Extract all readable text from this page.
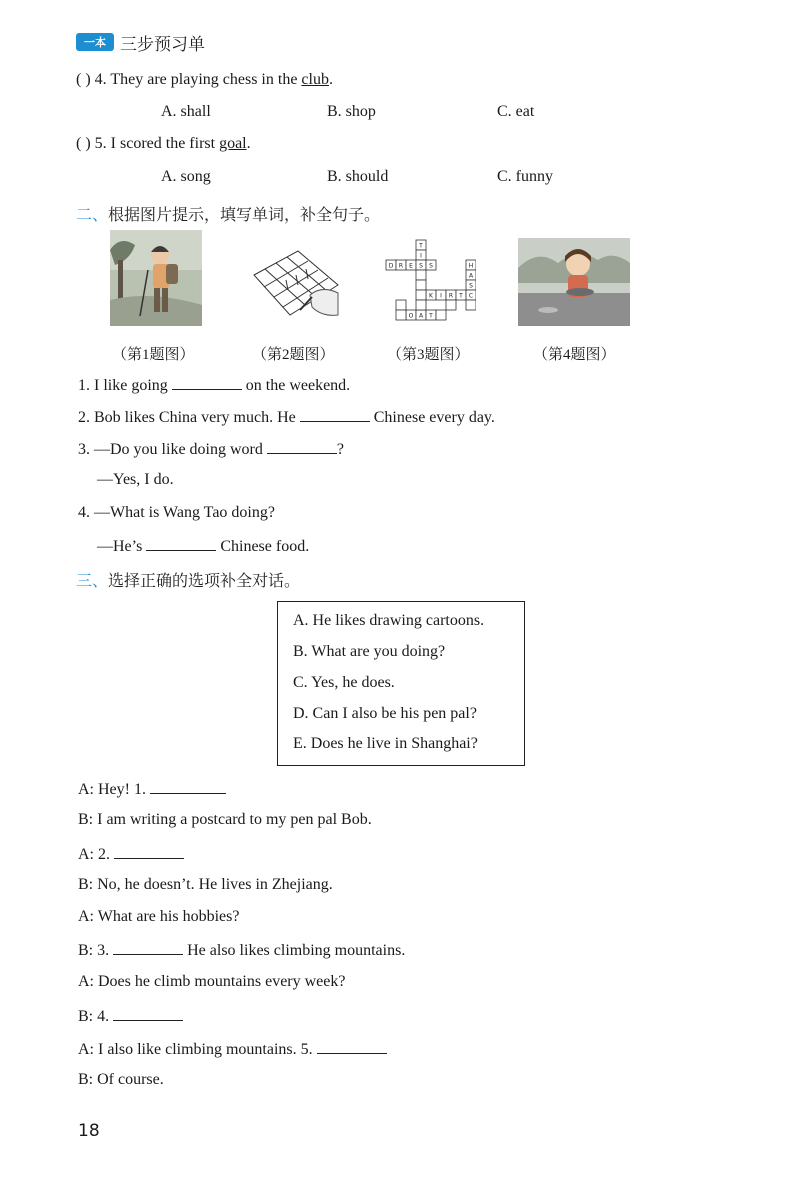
一本 三步预习单
( ) 4. They are playing chess in the club.
A. shall	B. shop	C. eat
( ) 5. I scored the first goal.
A. song	B. should	C. funny
二、根据图片提示，填写单词，补全句子。
T
I
D R E S S	H
A
S
K I R T C
O A T
（第1题图）	（第2题图）	（第3题图）	（第4题图）
1. I like going	on the weekend.
2. Bob likes China very much. He	Chinese every day.
3. —Do you like doing word	?
—Yes, I do.
4. —What is Wang Tao doing?
—He’s	Chinese food.
三、选择正确的选项补全对话。
A. He likes drawing cartoons.
B. What are you doing?
C. Yes, he does.
D. Can I also be his pen pal?
E. Does he live in Shanghai?
A: Hey! 1.
B: I am writing a postcard to my pen pal Bob.
A: 2.
B: No, he doesn’t. He lives in Zhejiang.
A: What are his hobbies?
B: 3.	He also likes climbing mountains.
A: Does he climb mountains every week?
B: 4.
A: I also like climbing mountains. 5.
B: Of course.
18
